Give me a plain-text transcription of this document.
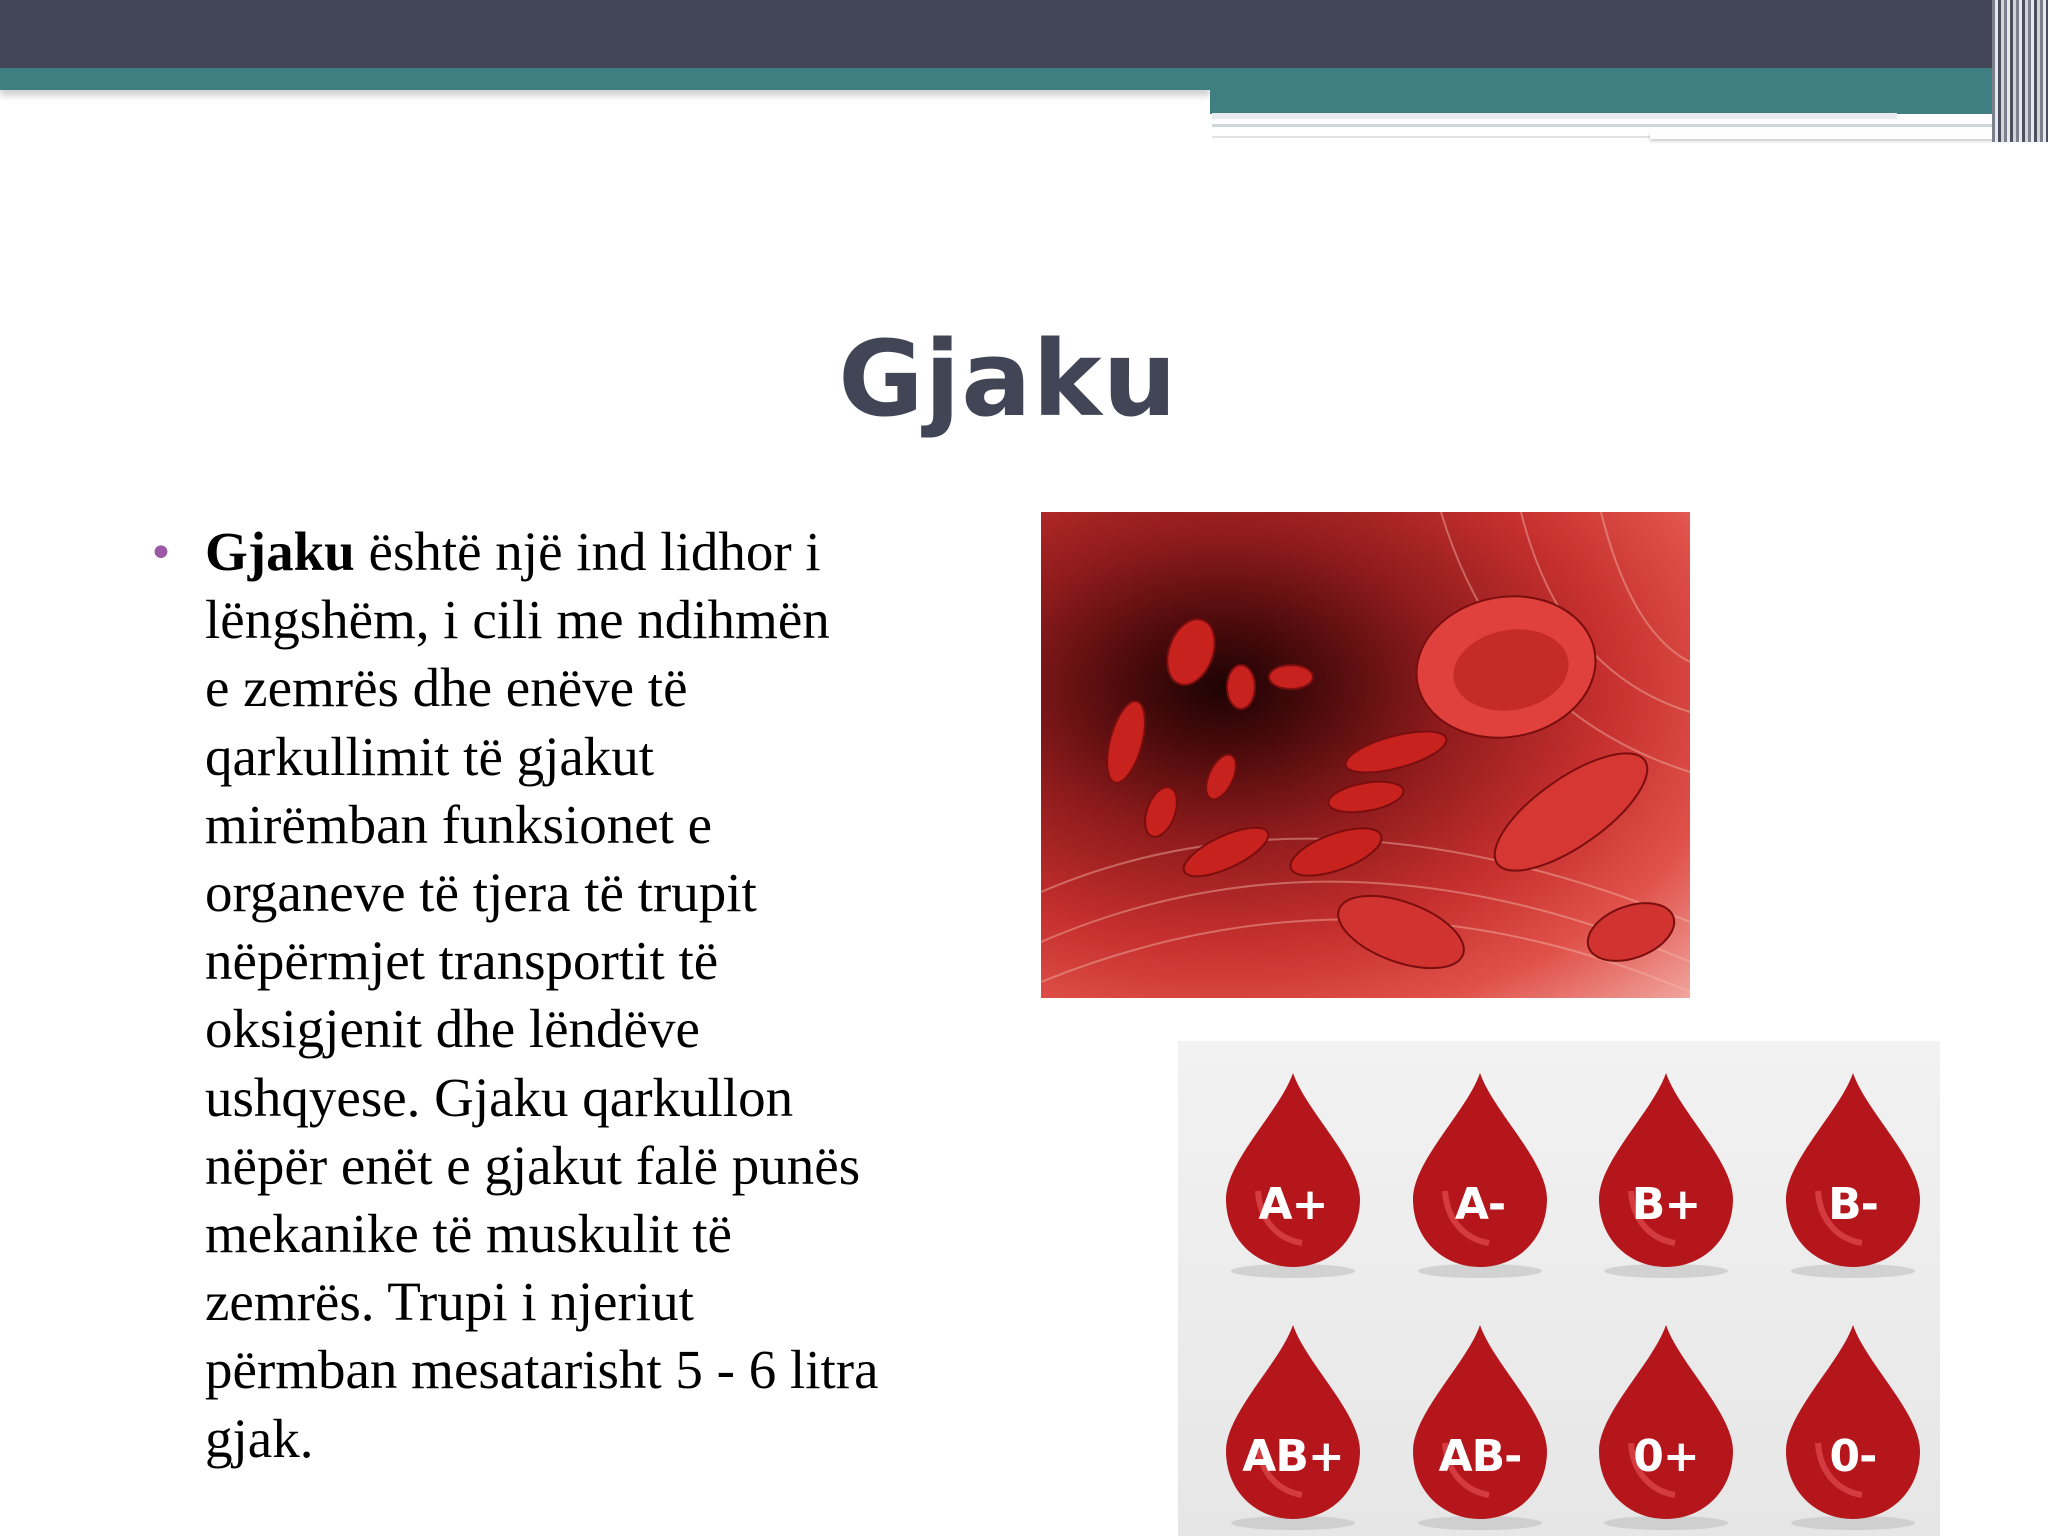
Gjaku
• Gjaku është një ind lidhor i
lëngshëm, i cili me ndihmën
e zemrës dhe enëve të
qarkullimit të gjakut
mirëmban funksionet e
organeve të tjera të trupit
nëpërmjet transportit të
oksigjenit dhe lëndëve
ushqyese. Gjaku qarkullon
nëpër enët e gjakut falë punës
mekanike të muskulit të
zemrës. Trupi i njeriut
përmban mesatarisht 5 - 6 litra
gjak.
A+	A-	B+	B-
AB+	AB-	0+	0-
